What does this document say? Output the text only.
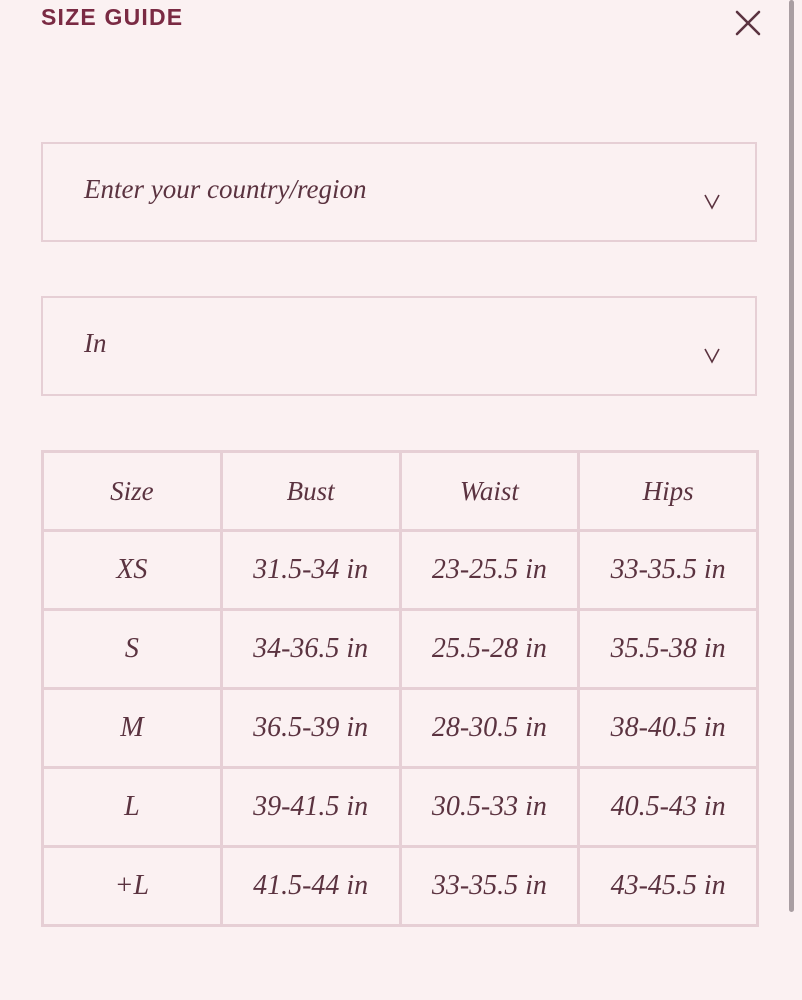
SIZE GUIDE
Enter your country/region
In
Size	Bust	Waist	Hips
XS	31.5-34 in	23-25.5 in	33-35.5 in
S	34-36.5 in	25.5-28 in	35.5-38 in
M	36.5-39 in	28-30.5 in	38-40.5 in
L	39-41.5 in	30.5-33 in	40.5-43 in
+L	41.5-44 in	33-35.5 in	43-45.5 in
